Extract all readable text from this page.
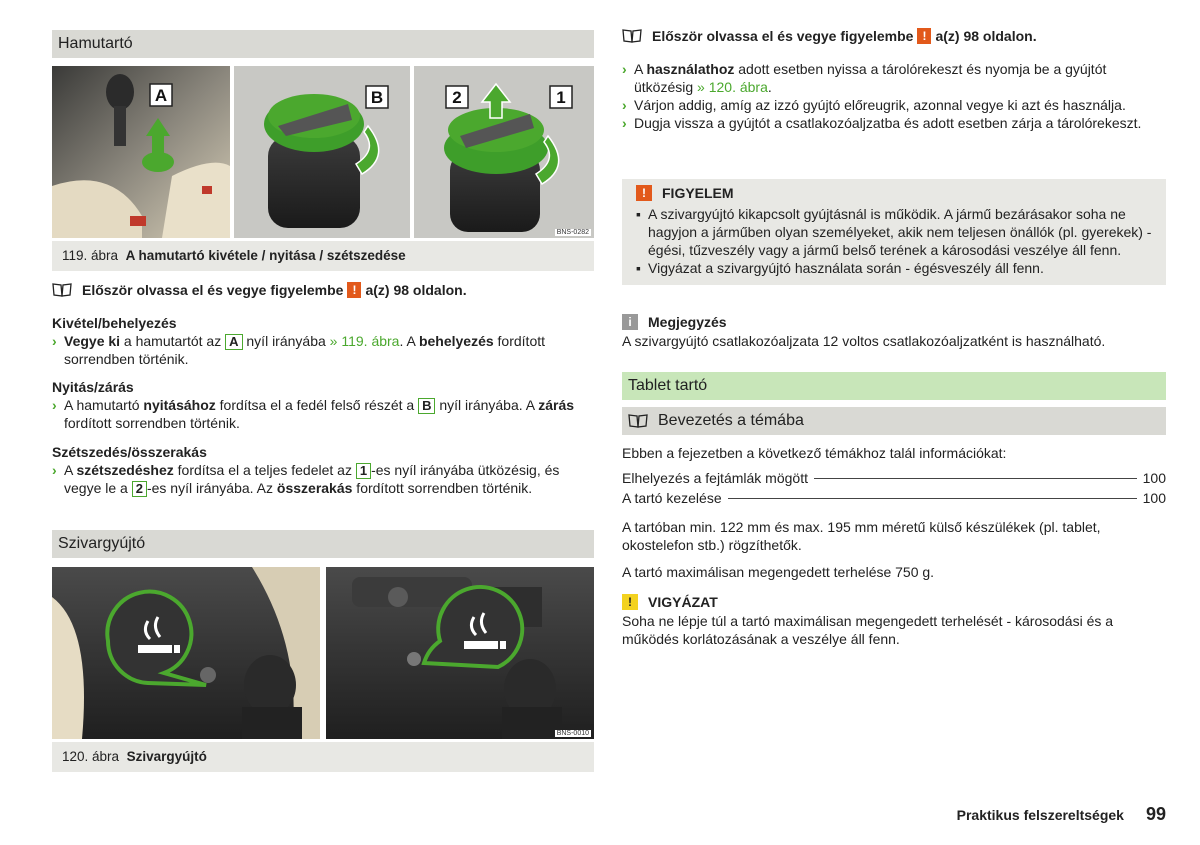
Hamutartó
A	B	2	1
BNS-0282
119. ábra A hamutartó kivétele / nyitása / szétszedése
Először olvassa el és vegye figyelembe ! a(z) 98 oldalon.
Kivétel/behelyezés
› Vegye ki a hamutartót az A nyíl irányába » 119. ábra. A behelyezés fordított sorrendben történik.
Nyitás/zárás
› A hamutartó nyitásához fordítsa el a fedél felső részét a B nyíl irányába. A zárás fordított sorrendben történik.
Szétszedés/összerakás
› A szétszedéshez fordítsa el a teljes fedelet az 1 -es nyíl irányába ütközésig, és vegye le a 2 -es nyíl irányába. Az összerakás fordított sorrendben történik.
Szivargyújtó
BNS-0010
120. ábra Szivargyújtó
Először olvassa el és vegye figyelembe ! a(z) 98 oldalon.
› A használathoz adott esetben nyissa a tárolórekeszt és nyomja be a gyújtót ütközésig » 120. ábra.
› Várjon addig, amíg az izzó gyújtó előreugrik, azonnal vegye ki azt és használja.
› Dugja vissza a gyújtót a csatlakozóaljzatba és adott esetben zárja a tárolórekeszt.
!	FIGYELEM
▪ A szivargyújtó kikapcsolt gyújtásnál is működik. A jármű bezárásakor soha ne hagyjon a járműben olyan személyeket, akik nem teljesen önállók (pl. gyerekek) - égési, tűzveszély vagy a jármű belső terének a károsodási veszélye áll fenn.
▪ Vigyázat a szivargyújtó használata során - égésveszély áll fenn.
i	Megjegyzés
A szivargyújtó csatlakozóaljzata 12 voltos csatlakozóaljzatként is használható.
Tablet tartó
Bevezetés a témába
Ebben a fejezetben a következő témákhoz talál információkat:
Elhelyezés a fejtámlák mögött	100
A tartó kezelése	100
A tartóban min. 122 mm és max. 195 mm méretű külső készülékek (pl. tablet, okostelefon stb.) rögzíthetők.
A tartó maximálisan megengedett terhelése 750 g.
!	VIGYÁZAT
Soha ne lépje túl a tartó maximálisan megengedett terhelését - károsodási és a működés korlátozásának a veszélye áll fenn.
Praktikus felszereltségek 99
